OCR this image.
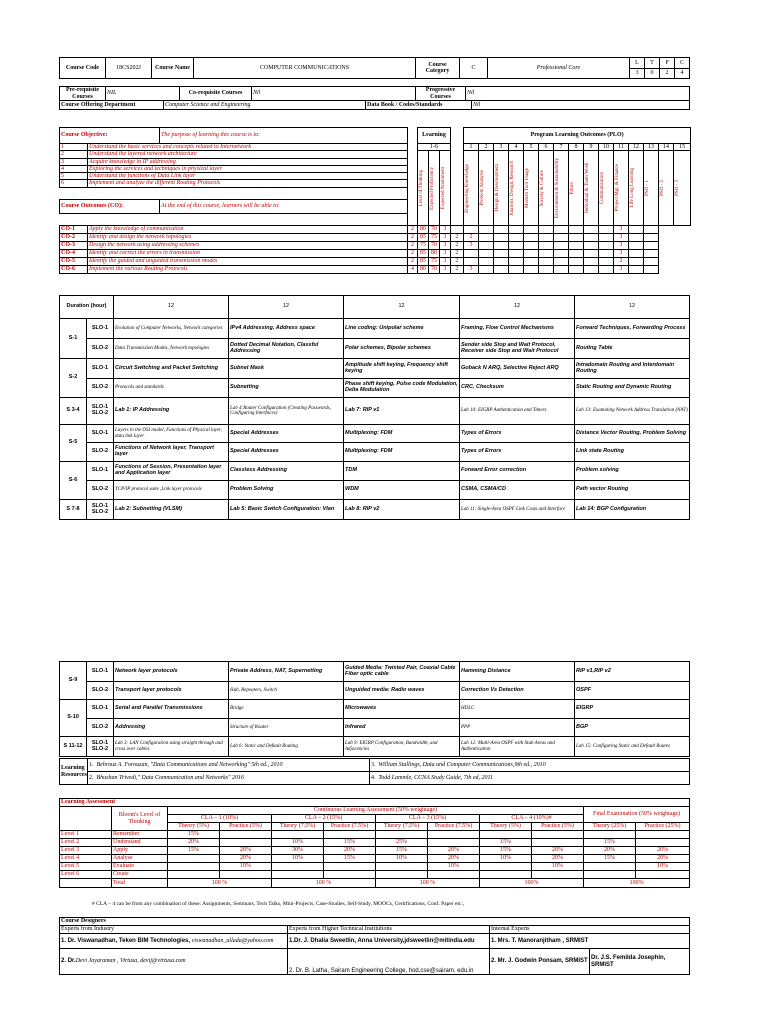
Course Code	18CS202J	Course Name	COMPUTER COMMUNICATIONS	Course Category	C	Professional Core	L	T	P	C
							3	0	2	4
Pre-requisite Courses	NIL	Co-requisite Courses	Nil	Progressive Courses	Nil
Course Offering Department	Computer Science and Engineering	Data Book / Codes/Standards	Nil
Course Objective:		The purpose of learning this course is to:		Learning				Program Learning Outcomes (PLO)														
1	Understand the basic services and concepts related to Internetwork			1-6				1	2	3	4	5	6	7	8	9	10	11	12	13	14	15
2	Understand the layered network architecture			Level of Thinking	Expected Proficiency	Expected Attainment		Engineering Knowledge	Problem Analysis	Design & Development	Analysis, Design, Research	Modern Tool Usage	Society & Culture	Environment & Sustainability	Ethics	Individual & Team Work	Communication	Project Mgt. & Finance	Life Long Learning	PSO - 1	PSO - 2	PSO - 3

3	Acquire knowledge in IP addressing																					
4	Exploring the services and techniques in physical layer																					
5	Understand the functions of Data Link layer																					
6	Implement and analyze the different Routing Protocols																					

Course Outcomes (CO):		At the end of this course, learners will be able to:																				

CO-1	Apply the knowledge of communication		2	80	70	3												3				
CO-2	Identify and design the network topologies		2	85	75	3	2	2										3				
CO-3	Design the network using addressing schemes		2	75	70	3	2	3										3				
CO-4	Identify and correct the errors in transmission		2	85	80	3	2											3				
CO-5	Identify the guided and unguided transmission modes		2	85	75	3	2											2				
CO-6	Implement the various Routing Protocols		4	80	70	3	2	3										3				
Duration (hour)		12	12	12	12	12
S-1	SLO-1	Evolution of Computer Networks, Network categories	IPv4 Addressing, Address space	Line coding: Unipolar scheme	Framing, Flow Control Mechanisms	Forward Techniques, Forwarding Process
	SLO-2	Data Transmission Modes, Network topologies	Dotted Decimal Notation, Classful Addressing	Polar schemes, Bipolar schemes	Sender side Stop and Wait Protocol, Receiver side Stop and Wait Protocol	Routing Table
S-2	SLO-1	Circuit Switching and Packet Switching	Subnet Mask	Amplitude shift keying, Frequency shift keying	Goback N ARQ, Selective Reject ARQ	Intradomain Routing and Interdomain Routing
	SLO-2	Protocols and standards	Subnetting	Phase shift keying, Pulse code Modulation, Delta Modulation	CRC, Checksum	Static Routing and Dynamic Routing
S 3-4	SLO-1 SLO-2	Lab 1: IP Addressing	Lab 4:Router Configuration (Creating Passwords, Configuring Interfaces)	Lab 7: RIP v1	Lab 10: EIGRP Authentication and Timers	Lab 13: Examining Network Address Translation (NAT)
S-5	SLO-1	Layers in the OSI model, Functions of Physical layer, data link layer	Special Addresses	Multiplexing: FDM	Types of Errors	Distance Vector Routing, Problem Solving
	SLO-2	Functions of Network layer, Transport layer	Special Addresses	Multiplexing: FDM	Types of Errors	Link state Routing
S-6	SLO-1	Functions of Session, Presentation layer and Application layer	Classless Addressing	TDM	Forward Error correction	Problem solving
	SLO-2	TCP/IP protocol suite ,Link layer protocols	Problem Solving	WDM	CSMA, CSMA/CD	Path vector Routing
S 7-8	SLO-1 SLO-2	Lab 2: Subnetting (VLSM)	Lab 5: Basic Switch Configuration: Vlan	Lab 8: RIP v2	Lab 11: Single-Area OSPF Link Costs and Interface	Lab 14: BGP Configuration
S-9	SLO-1	Network layer protocols	Private Address, NAT, Supernetting	Guided Media: Twisted Pair, Coaxial Cable Fiber optic cable	Hamming Distance	RIP v1,RIP v2
	SLO-2	Transport layer protocols	Hub, Repeaters, Switch	Unguided media: Radio waves	Correction Vs Detection	OSPF
S-10	SLO-1	Serial and Parallel Transmissions	Bridge	Microwaves	HDLC	EIGRP
	SLO-2	Addressing	Structure of Router	Infrared	PPP	BGP
S 11-12	SLO-1 SLO-2	Lab 3: LAN Configuration using straight through and cross over cables	Lab 6: Static and Default Routing	Lab 9: EIGRP Configuration, Bandwidth, and Adjacencies	Lab 12: Multi-Area OSPF with Stub Areas and Authentication	Lab 15: Configuring Static and Default Routes
Learning Resources	1.	Behrouz A. Forouzan, "Data Communications and Networking" 5th ed., 2010	3.	William Stallings, Data and Computer Communications,9th ed., 2010
	2.	Bhushan Trivedi," Data Communication and Networks" 2016	4.	Todd Lammle, CCNA Study Guide, 7th ed, 2011
Learning Assessment											
	Bloom's Level of Thinking	Continuous Learning Assessment (50% weightage)								Final Examination (50% weightage)	
		CLA – 1 (10%)		CLA – 2 (15%)		CLA – 3 (15%)		CLA – 4 (10%)#			
		Theory (5%)	Practice (5%)	Theory (7.5%)	Practice (7.5%)	Theory (7.5%)	Practice (7.5%)	Theory (5%)	Practice (5%)	Theory (25%)	Practice (25%)
Level 1	Remember	15%									
Level 2	Understand	20%		10%	15%	25%		15%		15%	
Level 3	Apply	15%	20%	30%	20%	15%	20%	15%	20%	20%	20%
Level 4	Analyse		20%	10%	15%	10%	20%	10%	20%	15%	20%
Level 5	Evaluate		10%				10%		10%		10%
Level 6	Create										
	Total	100 %		100 %		100 %		100%		100%	
# CLA – 4 can be from any combination of these: Assignments, Seminars, Tech Talks, Mini-Projects, Case-Studies, Self-Study, MOOCs, Certifications, Conf. Paper etc.,
Course Designers			
Experts from Industry	Experts from Higher Technical Institutions	Internal Experts	
1. Dr. Viswanadhan, Teken BIM Technologies, viswanadhan_allada@yahoo.com	1.Dr. J. Dhalia Sweetlin, Anna University,jdsweetlin@mitindia.edu	1. Mrs. T. Manoranjitham , SRMIST	
2. Dr.Devi Jayaraman , Virtusa, devij@virtusa.com	2. Dr. B. Latha, Sairam Engineering College, hod.cse@sairam. edu.in	2. Mr. J. Godwin Ponsam, SRMIST	Dr. J.S. Femilda Josephin, SRMIST
